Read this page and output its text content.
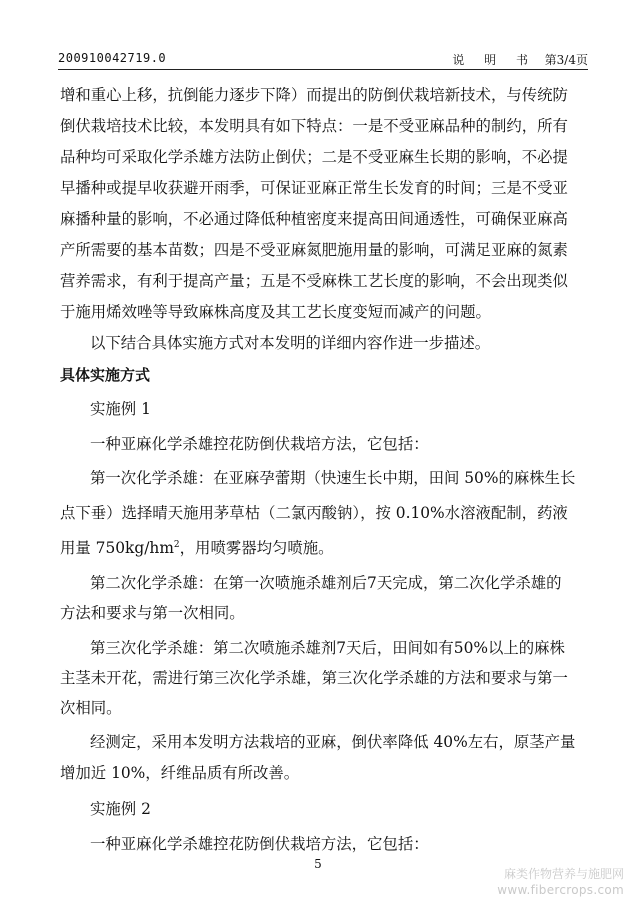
200910042719.0	说 明 书 第3/4页
增和重心上移，抗倒能力逐步下降）而提出的防倒伏栽培新技术，与传统防
倒伏栽培技术比较，本发明具有如下特点：一是不受亚麻品种的制约，所有
品种均可采取化学杀雄方法防止倒伏；二是不受亚麻生长期的影响，不必提
早播种或提早收获避开雨季，可保证亚麻正常生长发育的时间；三是不受亚
麻播种量的影响，不必通过降低种植密度来提高田间通透性，可确保亚麻高
产所需要的基本苗数；四是不受亚麻氮肥施用量的影响，可满足亚麻的氮素
营养需求，有利于提高产量；五是不受麻株工艺长度的影响，不会出现类似
于施用烯效唑等导致麻株高度及其工艺长度变短而减产的问题。
以下结合具体实施方式对本发明的详细内容作进一步描述。
具体实施方式
实施例 1
一种亚麻化学杀雄控花防倒伏栽培方法，它包括：
第一次化学杀雄：在亚麻孕蕾期（快速生长中期，田间 50%的麻株生长
点下垂）选择晴天施用茅草枯（二氯丙酸钠），按 0.10%水溶液配制，药液
用量 $750kg/hm^2$，用喷雾器均匀喷施。
第二次化学杀雄：在第一次喷施杀雄剂后7天完成，第二次化学杀雄的
方法和要求与第一次相同。
第三次化学杀雄：第二次喷施杀雄剂7天后，田间如有50%以上的麻株
主茎未开花，需进行第三次化学杀雄，第三次化学杀雄的方法和要求与第一
次相同。
经测定，采用本发明方法栽培的亚麻，倒伏率降低 40%左右，原茎产量
增加近 10%，纤维品质有所改善。
实施例 2
一种亚麻化学杀雄控花防倒伏栽培方法，它包括：
5
麻类作物营养与施肥网
www.fibercrops.com
